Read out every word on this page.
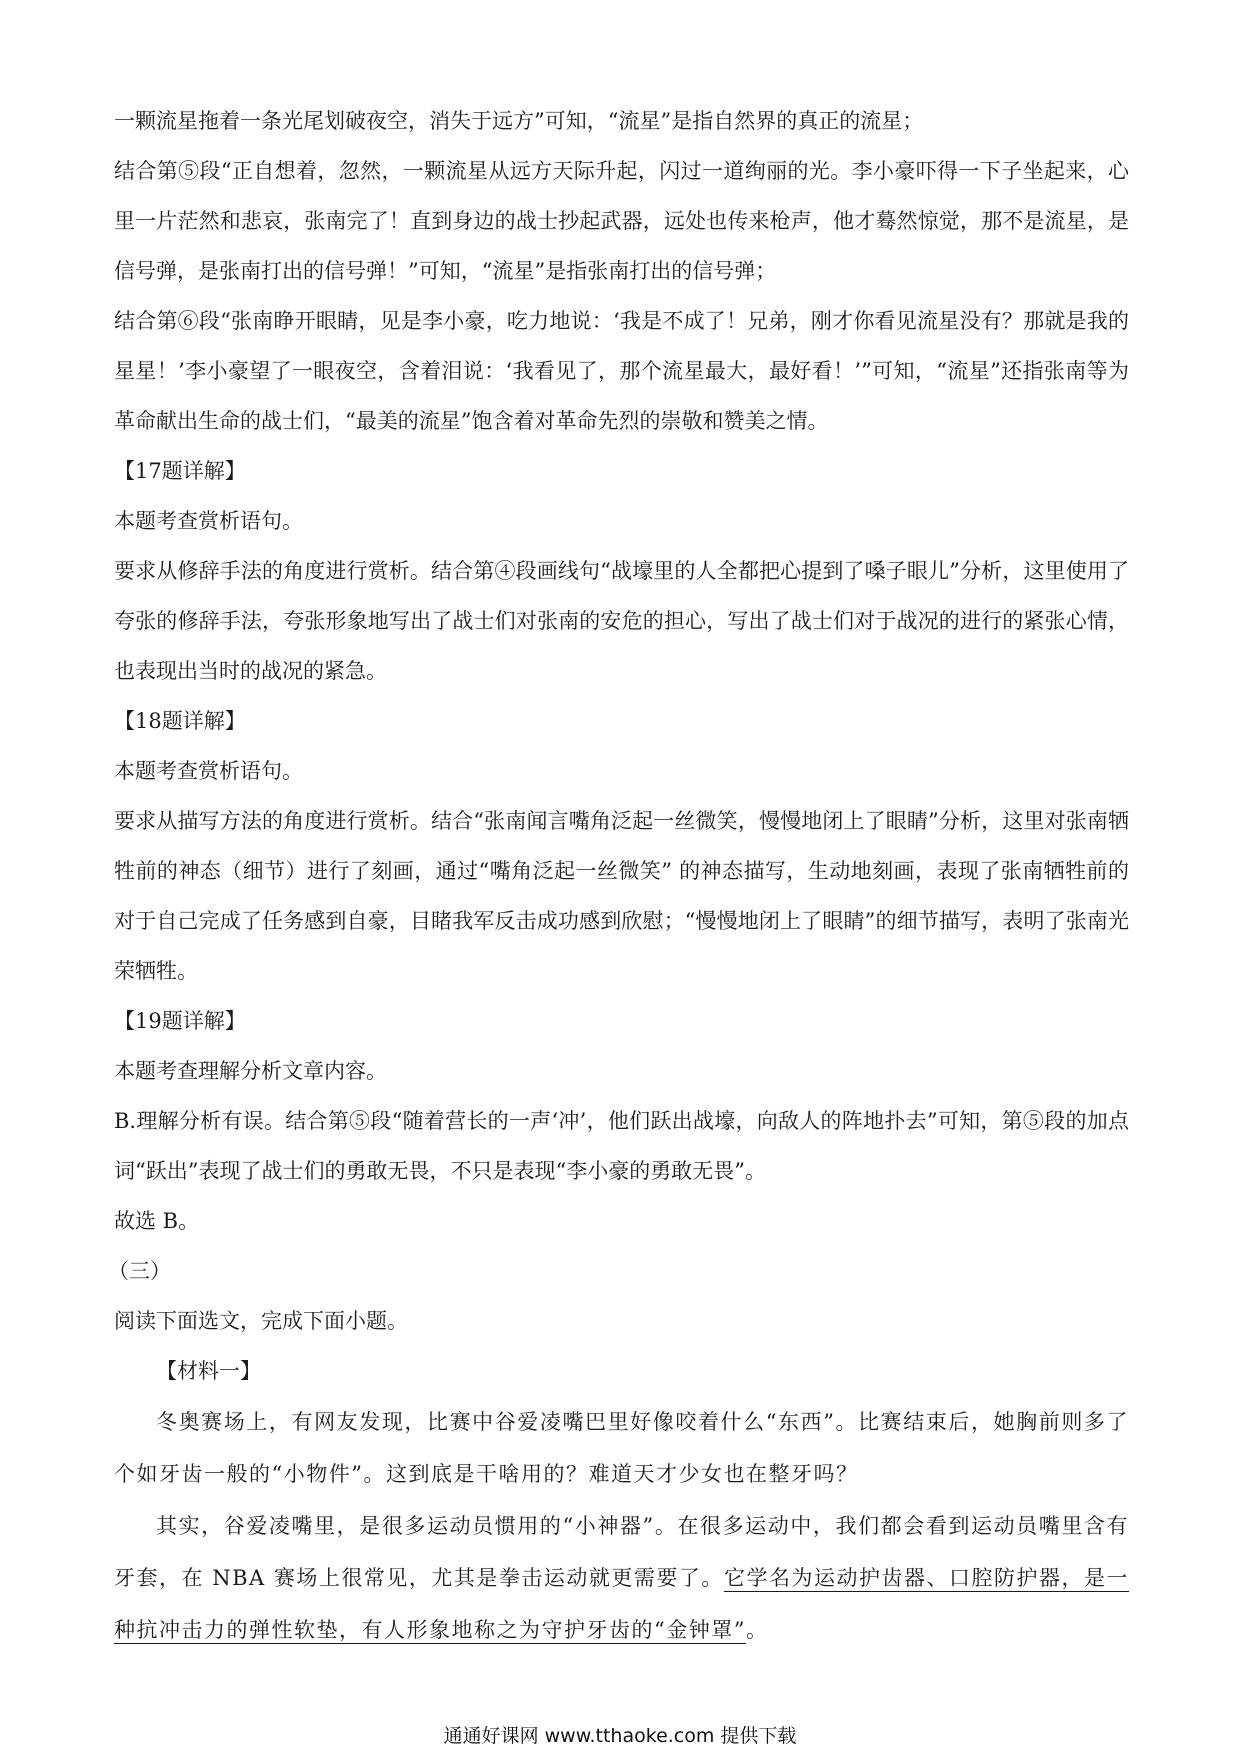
一颗流星拖着一条光尾划破夜空，消失于远方”可知，“流星”是指自然界的真正的流星；

结合第⑤段“正自想着，忽然，一颗流星从远方天际升起，闪过一道绚丽的光。李小豪吓得一下子坐起来，心里一片茫然和悲哀，张南完了！直到身边的战士抄起武器，远处也传来枪声，他才蓦然惊觉，那不是流星，是信号弹，是张南打出的信号弹！”可知，“流星”是指张南打出的信号弹；

结合第⑥段“张南睁开眼睛，见是李小豪，吃力地说：‘我是不成了！兄弟，刚才你看见流星没有？那就是我的星星！’李小豪望了一眼夜空，含着泪说：‘我看见了，那个流星最大，最好看！’”可知，“流星”还指张南等为革命献出生命的战士们，“最美的流星”饱含着对革命先烈的崇敬和赞美之情。

【17题详解】

本题考查赏析语句。

要求从修辞手法的角度进行赏析。结合第④段画线句“战壕里的人全都把心提到了嗓子眼儿”分析，这里使用了夸张的修辞手法，夸张形象地写出了战士们对张南的安危的担心，写出了战士们对于战况的进行的紧张心情，也表现出当时的战况的紧急。

【18题详解】

本题考查赏析语句。

要求从描写方法的角度进行赏析。结合“张南闻言嘴角泛起一丝微笑，慢慢地闭上了眼睛”分析，这里对张南牺牲前的神态（细节）进行了刻画，通过“嘴角泛起一丝微笑” 的神态描写，生动地刻画，表现了张南牺牲前的对于自己完成了任务感到自豪，目睹我军反击成功感到欣慰；“慢慢地闭上了眼睛”的细节描写，表明了张南光荣牺牲。

【19题详解】

本题考查理解分析文章内容。

B.理解分析有误。结合第⑤段“随着营长的一声‘冲’，他们跃出战壕，向敌人的阵地扑去”可知，第⑤段的加点词“跃出”表现了战士们的勇敢无畏，不只是表现“李小豪的勇敢无畏”。

故选 B。

（三）

阅读下面选文，完成下面小题。

【材料一】

冬奥赛场上，有网友发现，比赛中谷爱凌嘴巴里好像咬着什么“东西”。比赛结束后，她胸前则多了个如牙齿一般的“小物件”。这到底是干啥用的？难道天才少女也在整牙吗？

其实，谷爱凌嘴里，是很多运动员惯用的“小神器”。在很多运动中，我们都会看到运动员嘴里含有牙套，在 NBA 赛场上很常见，尤其是拳击运动就更需要了。它学名为运动护齿器、口腔防护器，是一种抗冲击力的弹性软垫，有人形象地称之为守护牙齿的“金钟罩”。

通通好课网 www.tthaoke.com 提供下载
